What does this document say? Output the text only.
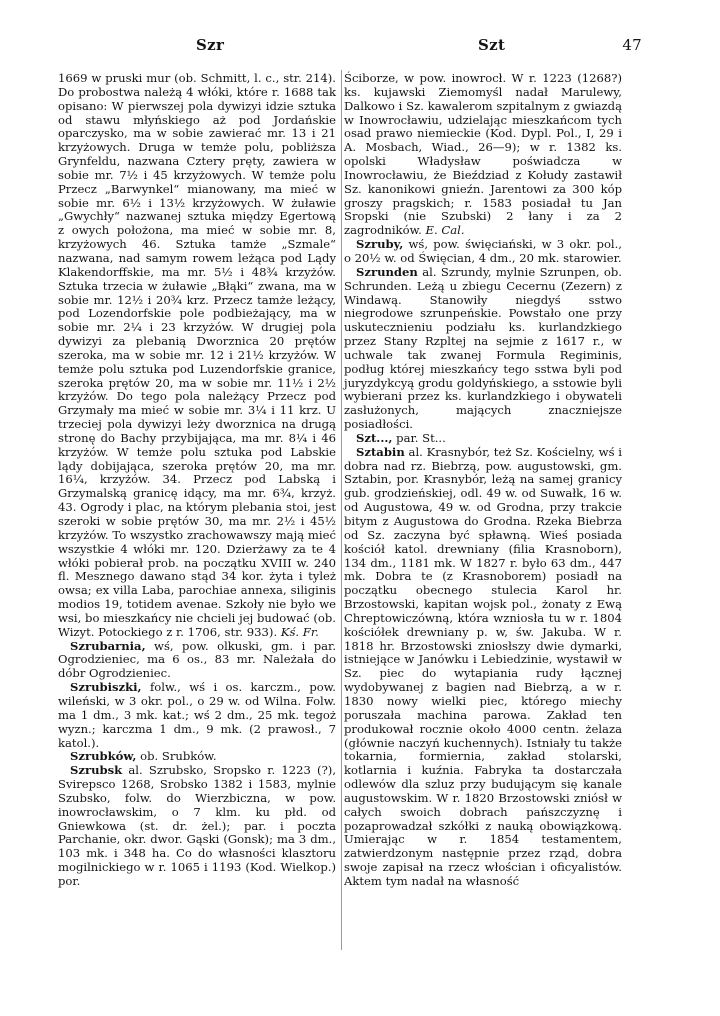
Szr	Szt	47

1669 w pruski mur (ob. Schmitt, l. c., str. 214). Do probostwa należą 4 włóki, które r. 1688 tak opisano: W pierwszej pola dywizyi idzie sztuka od stawu młyńskiego aż pod Jordańskie oparczysko, ma w sobie zawierać mr. 13 i 21 krzyżowych. Druga w temże polu, pobliższa Grynfeldu, nazwana Cztery pręty, zawiera w sobie mr. 7½ i 45 krzyżowych. W temże polu Przecz „Barwynkel“ mianowany, ma mieć w sobie mr. 6½ i 13½ krzyżowych. W żuławie „Gwychły“ nazwanej sztuka między Egertową z owych położona, ma mieć w sobie mr. 8, krzyżowych 46. Sztuka tamże „Szmale“ nazwana, nad samym rowem leżąca pod Lądy Klakendorffskie, ma mr. 5½ i 48¾ krzyżów. Sztuka trzecia w żuławie „Błąki“ zwana, ma w sobie mr. 12½ i 20¾ krz. Przecz tamże leżący, pod Lozendorfskie pole podbieżający, ma w sobie mr. 2¼ i 23 krzyżów. W drugiej pola dywizyi za plebanią Dworznica 20 prętów szeroka, ma w sobie mr. 12 i 21½ krzyżów. W temże polu sztuka pod Luzendorfskie granice, szeroka prętów 20, ma w sobie mr. 11½ i 2½ krzyżów. Do tego pola należący Przecz pod Grzymały ma mieć w sobie mr. 3¼ i 11 krz. U trzeciej pola dywizyi leży dworznica na drugą stronę do Bachy przybijająca, ma mr. 8¼ i 46 krzyżów. W temże polu sztuka pod Labskie lądy dobijająca, szeroka prętów 20, ma mr. 16¼, krzyżów. 34. Przecz pod Labską i Grzymalską granicę idący, ma mr. 6¾, krzyż. 43. Ogrody i plac, na którym plebania stoi, jest szeroki w sobie prętów 30, ma mr. 2½ i 45½ krzyżów. To wszystko zrachowawszy mają mieć wszystkie 4 włóki mr. 120. Dzierżawy za te 4 włóki pobierał prob. na początku XVIII w. 240 fl. Mesznego dawano stąd 34 kor. żyta i tyleż owsa; ex villa Laba, parochiae annexa, siliginis modios 19, totidem avenae. Szkoły nie było we wsi, bo mieszkańcy nie chcieli jej budować (ob. Wizyt. Potockiego z r. 1706, str. 933). Kś. Fr.

Szrubarnia, wś, pow. olkuski, gm. i par. Ogrodzieniec, ma 6 os., 83 mr. Należała do dóbr Ogrodzieniec.

Szrubiszki, folw., wś i os. karczm., pow. wileński, w 3 okr. pol., o 29 w. od Wilna. Folw. ma 1 dm., 3 mk. kat.; wś 2 dm., 25 mk. tegoż wyzn.; karczma 1 dm., 9 mk. (2 prawosł., 7 katol.).

Szrubków, ob. Srubków.

Szrubsk al. Szrubsko, Sropsko r. 1223 (?), Svirepsco 1268, Srobsko 1382 i 1583, mylnie Szubsko, folw. do Wierzbiczna, w pow. inowrocławskim, o 7 klm. ku płd. od Gniewkowa (st. dr. żel.); par. i poczta Parchanie, okr. dwor. Gąski (Gonsk); ma 3 dm., 103 mk. i 348 ha. Co do własności klasztoru mogilnickiego w r. 1065 i 1193 (Kod. Wielkop.) por.

Ściborze, w pow. inowrocł. W r. 1223 (1268?) ks. kujawski Ziemomyśl nadał Marulewy, Dalkowo i Sz. kawalerom szpitalnym z gwiazdą w Inowrocławiu, udzielając mieszkańcom tych osad prawo niemieckie (Kod. Dypl. Pol., I, 29 i A. Mosbach, Wiad., 26—9); w r. 1382 ks. opolski Władysław poświadcza w Inowrocławiu, że Bieździad z Kołudy zastawił Sz. kanonikowi gnieźn. Jarentowi za 300 kóp groszy pragskich; r. 1583 posiadał tu Jan Sropski (nie Szubski) 2 łany i za 2 zagrodników. E. Cal.

Szruby, wś, pow. święciański, w 3 okr. pol., o 20½ w. od Święcian, 4 dm., 20 mk. starowier.

Szrunden al. Szrundy, mylnie Szrunpen, ob. Schrunden. Leżą u zbiegu Cecernu (Zezern) z Windawą. Stanowiły niegdyś sstwo niegrodowe szrunpeńskie. Powstało one przy uskutecznieniu podziału ks. kurlandzkiego przez Stany Rzpltej na sejmie z 1617 r., w uchwale tak zwanej Formula Regiminis, podług której mieszkańcy tego sstwa byli pod juryzdykcyą grodu goldyńskiego, a sstowie byli wybierani przez ks. kurlandzkiego i obywateli zasłużonych, mających znaczniejsze posiadłości.

Szt..., par. St...

Sztabin al. Krasnybór, też Sz. Kościelny, wś i dobra nad rz. Biebrzą, pow. augustowski, gm. Sztabin, por. Krasnybór, leżą na samej granicy gub. grodzieńskiej, odl. 49 w. od Suwałk, 16 w. od Augustowa, 49 w. od Grodna, przy trakcie bitym z Augustowa do Grodna. Rzeka Biebrza od Sz. zaczyna być spławną. Wieś posiada kościół katol. drewniany (filia Krasnoborn), 134 dm., 1181 mk. W 1827 r. było 63 dm., 447 mk. Dobra te (z Krasnoborem) posiadł na początku obecnego stulecia Karol hr. Brzostowski, kapitan wojsk pol., żonaty z Ewą Chreptowiczówną, która wzniosła tu w r. 1804 kościółek drewniany p. w, św. Jakuba. W r. 1818 hr. Brzostowski zniosłszy dwie dymarki, istniejące w Janówku i Lebiedzinie, wystawił w Sz. piec do wytapiania rudy łącznej wydobywanej z bagien nad Biebrzą, a w r. 1830 nowy wielki piec, którego miechy poruszała machina parowa. Zakład ten produkował rocznie około 4000 centn. żelaza (głównie naczyń kuchennych). Istniały tu także tokarnia, formiernia, zakład stolarski, kotlarnia i kuźnia. Fabryka ta dostarczała odlewów dla szluz przy budującym się kanale augustowskim. W r. 1820 Brzostowski zniósł w całych swoich dobrach pańszczyznę i pozaprowadzał szkółki z nauką obowiązkową. Umierając w r. 1854 testamentem, zatwierdzonym następnie przez rząd, dobra swoje zapisał na rzecz włościan i oficyalistów. Aktem tym nadał na własność
